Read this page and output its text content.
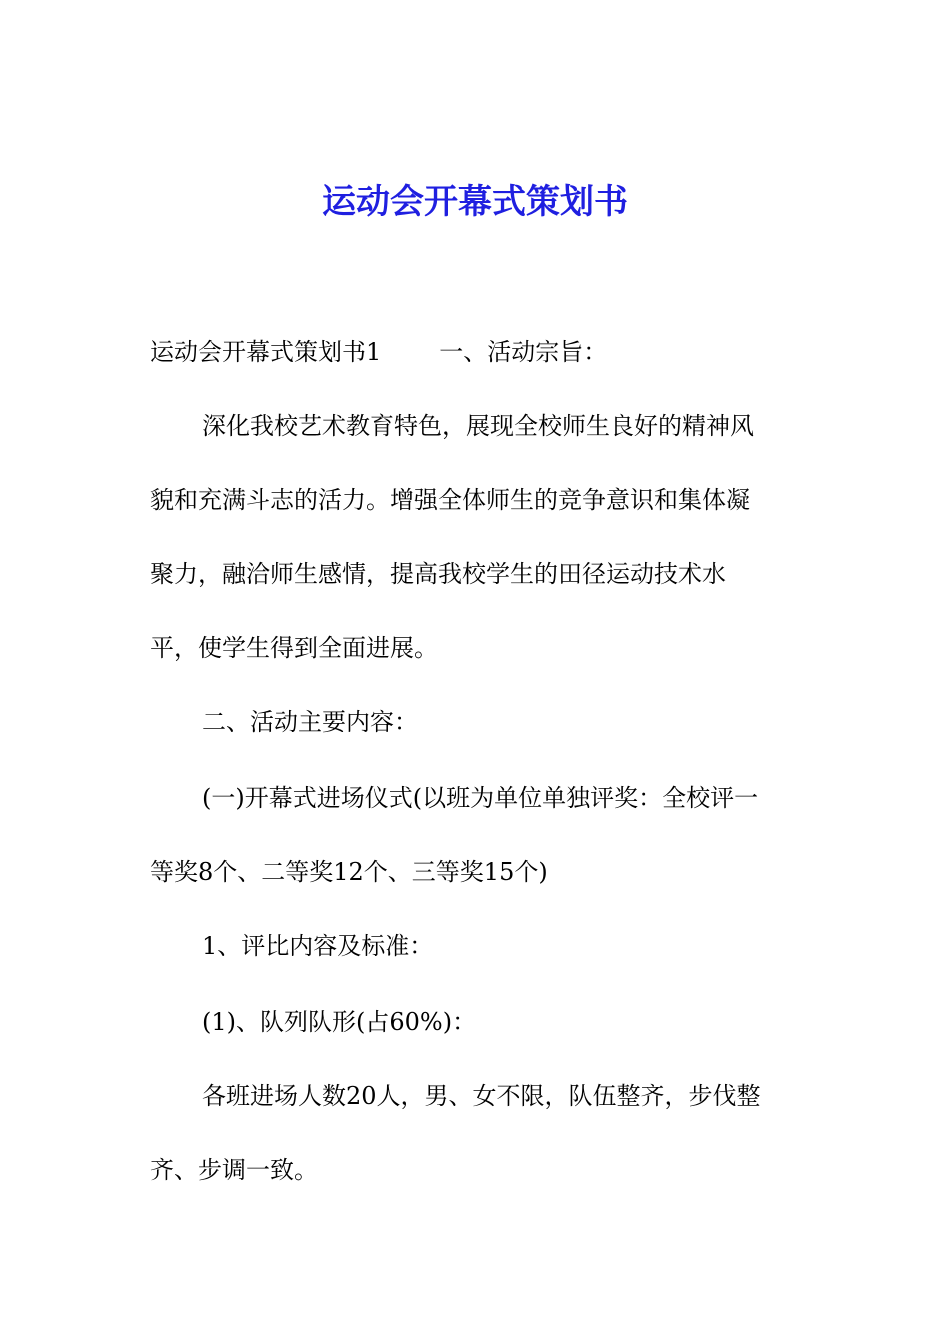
运动会开幕式策划书

运动会开幕式策划书1 一、活动宗旨：

深化我校艺术教育特色，展现全校师生良好的精神风

貌和充满斗志的活力。增强全体师生的竞争意识和集体凝

聚力，融洽师生感情，提高我校学生的田径运动技术水

平，使学生得到全面进展。

二、活动主要内容：

(一)开幕式进场仪式(以班为单位单独评奖：全校评一

等奖8个、二等奖12个、三等奖15个)

1、评比内容及标准：

(1)、队列队形(占60%)：

各班进场人数20人，男、女不限，队伍整齐，步伐整

齐、步调一致。
